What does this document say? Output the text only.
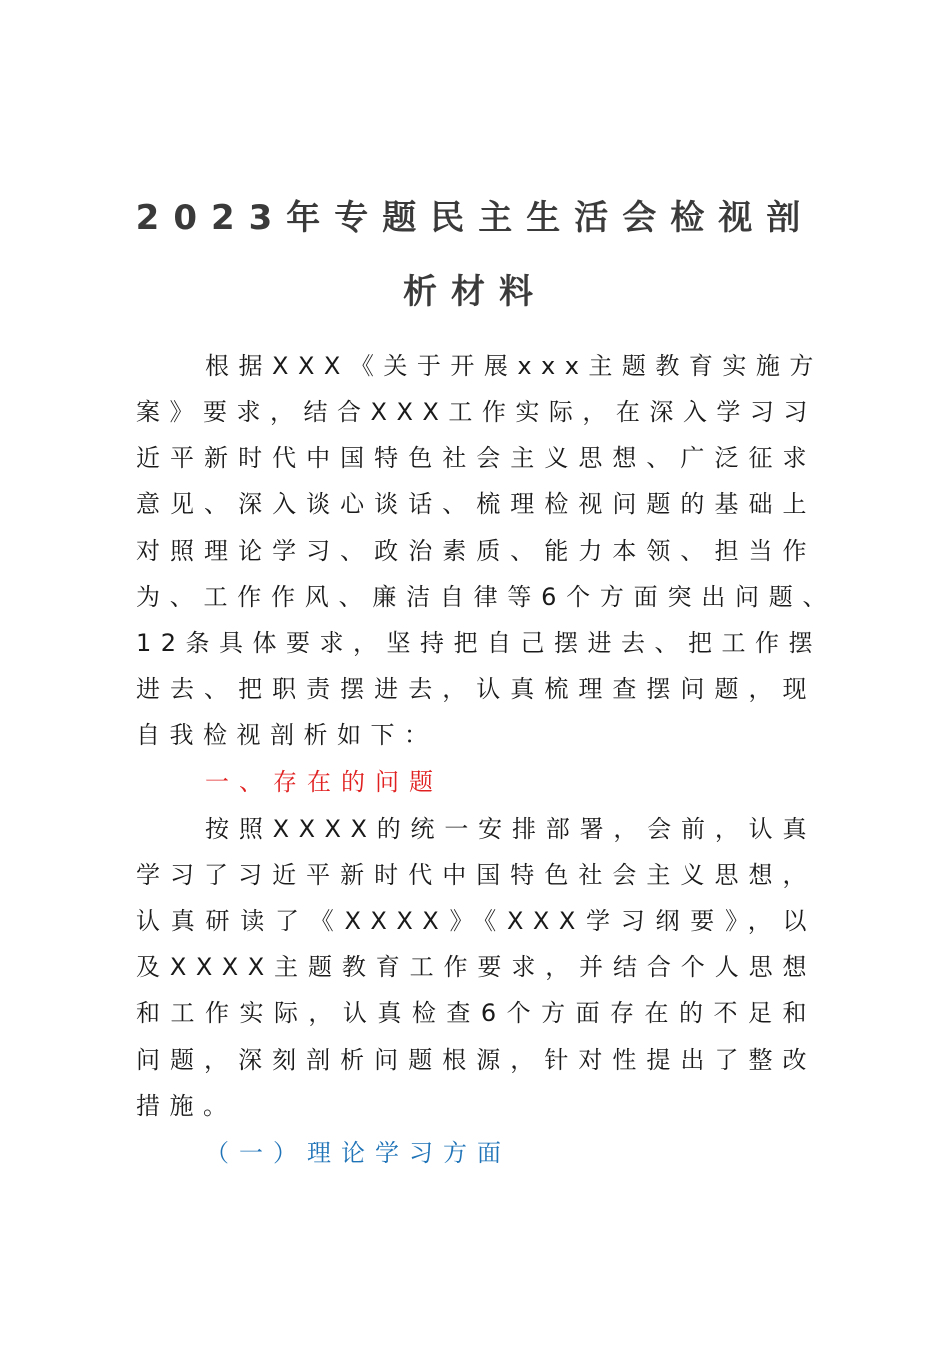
2023年专题民主生活会检视剖
析材料
根据XXX《关于开展xxx主题教育实施方
案》要求，结合XXX工作实际，在深入学习习
近平新时代中国特色社会主义思想、广泛征求
意见、深入谈心谈话、梳理检视问题的基础上
对照理论学习、政治素质、能力本领、担当作
为、工作作风、廉洁自律等6个方面突出问题、
12条具体要求，坚持把自己摆进去、把工作摆
进去、把职责摆进去，认真梳理查摆问题，现
自我检视剖析如下：
一、存在的问题
按照XXXX的统一安排部署，会前，认真
学习了习近平新时代中国特色社会主义思想，
认真研读了《XXXX》《XXX学习纲要》，以
及XXXX主题教育工作要求，并结合个人思想
和工作实际，认真检查6个方面存在的不足和
问题，深刻剖析问题根源，针对性提出了整改
措施。
（一）理论学习方面
